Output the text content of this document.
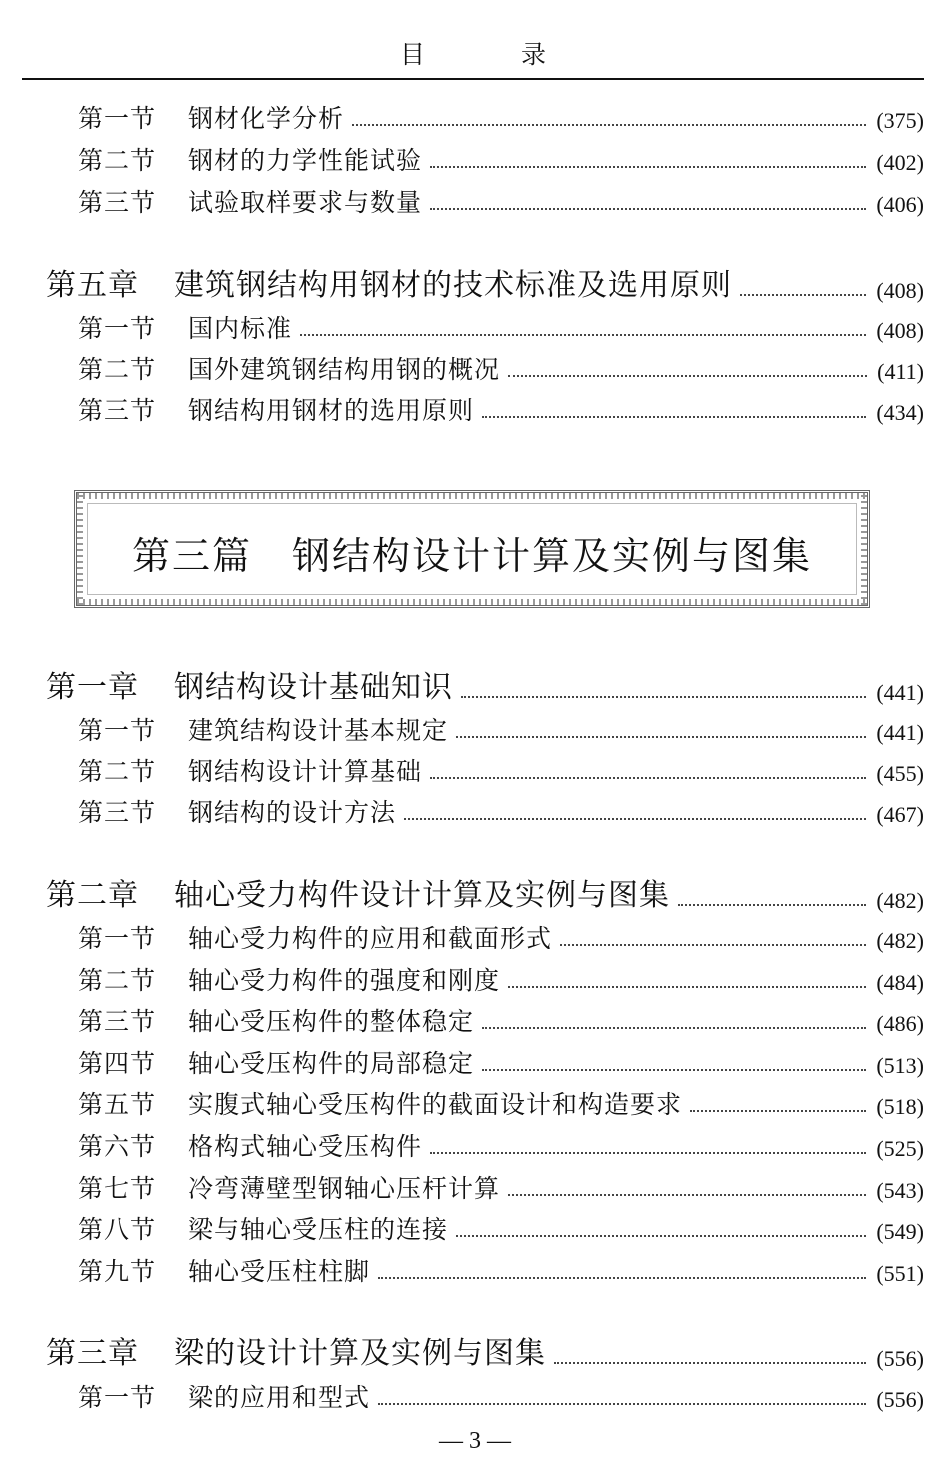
目 录
第一节	钢材化学分析	(375)
第二节	钢材的力学性能试验	(402)
第三节	试验取样要求与数量	(406)
第五章	建筑钢结构用钢材的技术标准及选用原则	(408)
第一节	国内标准	(408)
第二节	国外建筑钢结构用钢的概况	(411)
第三节	钢结构用钢材的选用原则	(434)
第三篇 钢结构设计计算及实例与图集
第一章	钢结构设计基础知识	(441)
第一节	建筑结构设计基本规定	(441)
第二节	钢结构设计计算基础	(455)
第三节	钢结构的设计方法	(467)
第二章	轴心受力构件设计计算及实例与图集	(482)
第一节	轴心受力构件的应用和截面形式	(482)
第二节	轴心受力构件的强度和刚度	(484)
第三节	轴心受压构件的整体稳定	(486)
第四节	轴心受压构件的局部稳定	(513)
第五节	实腹式轴心受压构件的截面设计和构造要求	(518)
第六节	格构式轴心受压构件	(525)
第七节	冷弯薄壁型钢轴心压杆计算	(543)
第八节	梁与轴心受压柱的连接	(549)
第九节	轴心受压柱柱脚	(551)
第三章	梁的设计计算及实例与图集	(556)
第一节	梁的应用和型式	(556)
— 3 —
